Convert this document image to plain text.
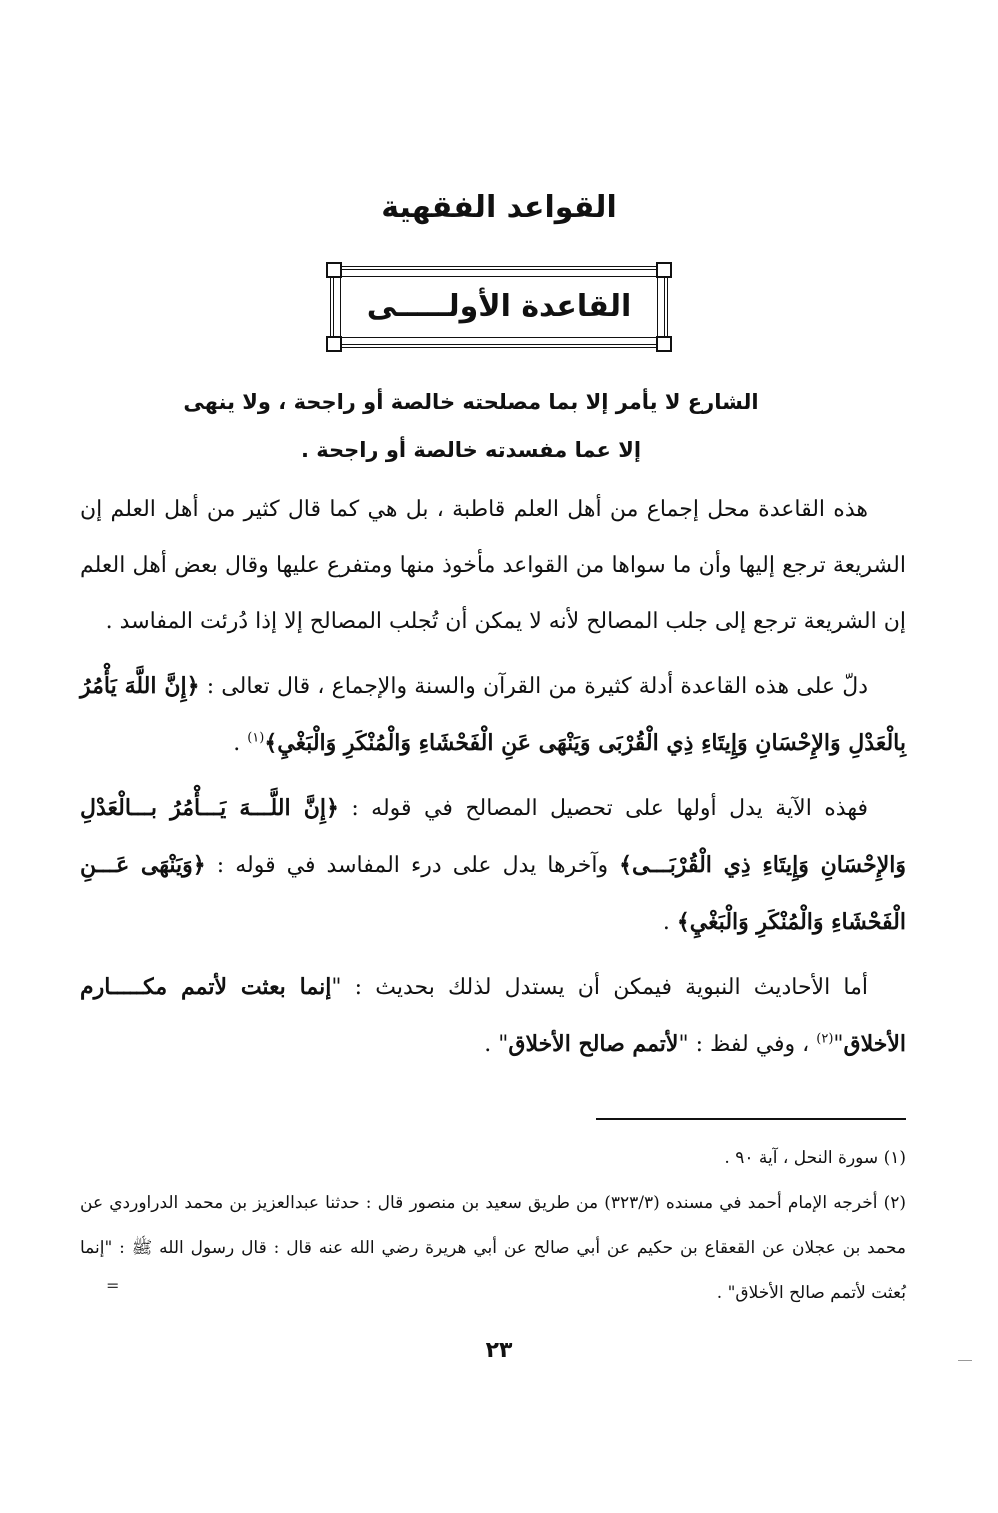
القواعد الفقهية
القاعدة الأولـــــى

الشارع لا يأمر إلا بما مصلحته خالصة أو راجحة ، ولا ينهى إلا عما مفسدته خالصة أو راجحة .

هذه القاعدة محل إجماع من أهل العلم قاطبة ، بل هي كما قال كثير من أهل العلم إن الشريعة ترجع إليها وأن ما سواها من القواعد مأخوذ منها ومتفرع عليها وقال بعض أهل العلم إن الشريعة ترجع إلى جلب المصالح لأنه لا يمكن أن تُجلب المصالح إلا إذا دُرئت المفاسد .

دلّ على هذه القاعدة أدلة كثيرة من القرآن والسنة والإجماع ، قال تعالى : ﴿إِنَّ اللَّهَ يَأْمُرُ بِالْعَدْلِ وَالإِحْسَانِ وَإِيتَاءِ ذِي الْقُرْبَى وَيَنْهَى عَنِ الْفَحْشَاءِ وَالْمُنْكَرِ وَالْبَغْيِ﴾$^{(١)}$ .

فهذه الآية يدل أولها على تحصيل المصالح في قوله : ﴿إِنَّ اللَّـــهَ يَـــأْمُرُ بـــالْعَدْلِ وَالإِحْسَانِ وَإِيتَاءِ ذِي الْقُرْبَـــى﴾ وآخرها يدل على درء المفاسد في قوله : ﴿وَيَنْهَى عَـــنِ الْفَحْشَاءِ وَالْمُنْكَرِ وَالْبَغْيِ﴾ .

أما الأحاديث النبوية فيمكن أن يستدل لذلك بحديث : "إنما بعثت لأتمم مكـــــارم الأخلاق"$^{(٢)}$ ، وفي لفظ : "لأتمم صالح الأخلاق" .

(١) سورة النحل ، آية ٩٠ .

(٢) أخرجه الإمام أحمد في مسنده (٣٢٣/٣) من طريق سعيد بن منصور قال : حدثنا عبدالعزيز بن محمد الدراوردي عن محمد بن عجلان عن القعقاع بن حكيم عن أبي صالح عن أبي هريرة رضي الله عنه قال : قال رسول الله ﷺ : "إنما بُعثت لأتمم صالح الأخلاق" .

=
٢٣
